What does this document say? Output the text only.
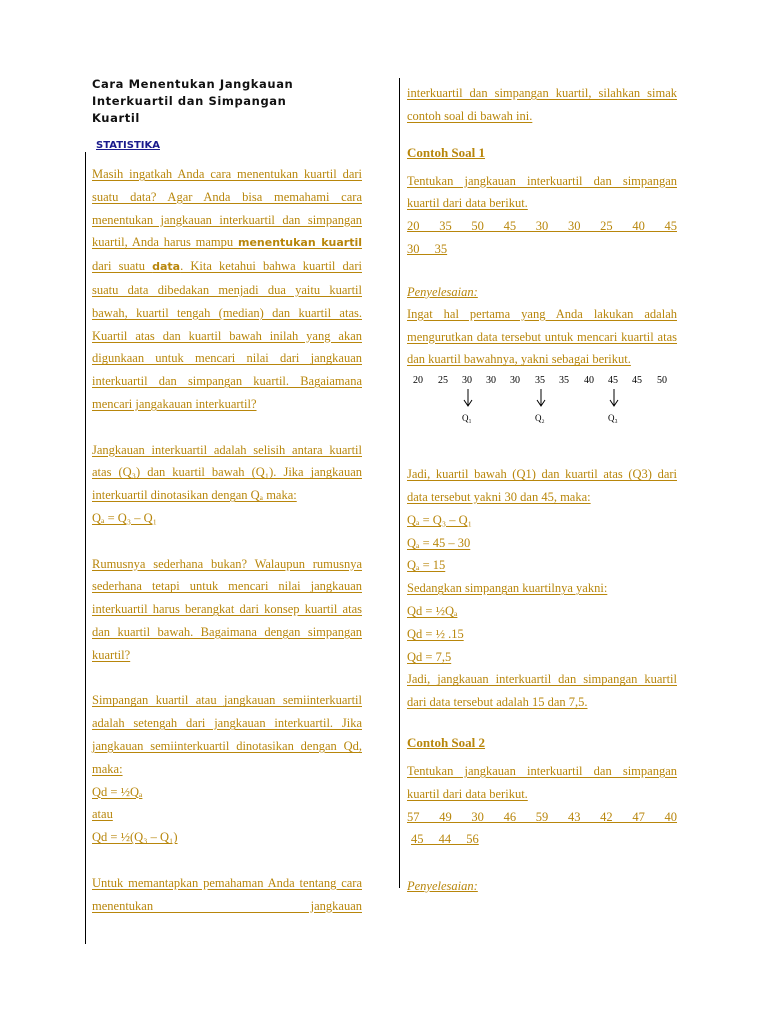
Cara Menentukan Jangkauan
Interkuartil dan Simpangan
Kuartil
STATISTIKA

Masih ingatkah Anda cara menentukan kuartil dari suatu data? Agar Anda bisa memahami cara menentukan jangkauan interkuartil dan simpangan kuartil, Anda harus mampu menentukan kuartil dari suatu data. Kita ketahui bahwa kuartil dari suatu data dibedakan menjadi dua yaitu kuartil bawah, kuartil tengah (median) dan kuartil atas. Kuartil atas dan kuartil bawah inilah yang akan digunkaan untuk mencari nilai dari jangkauan interkuartil dan simpangan kuartil. Bagaiamana mencari jangakauan interkuartil?

Jangkauan interkuartil adalah selisih antara kuartil atas (Q₃) dan kuartil bawah (Q₁). Jika jangkauan interkuartil dinotasikan dengan Qₐ maka:

Qₐ = Q₃ – Q₁

Rumusnya sederhana bukan? Walaupun rumusnya sederhana tetapi untuk mencari nilai jangkauan interkuartil harus berangkat dari konsep kuartil atas dan kuartil bawah. Bagaimana dengan simpangan kuartil?

Simpangan kuartil atau jangkauan semiinterkuartil adalah setengah dari jangkauan interkuartil. Jika jangkauan semiinterkuartil dinotasikan dengan Qd, maka:

Qd = ½Qₐ
atau
Qd = ½(Q₃ – Q₁)

Untuk memantapkan pemahaman Anda tentang cara menentukan jangkauan

interkuartil dan simpangan kuartil, silahkan simak contoh soal di bawah ini.

Contoh Soal 1

Tentukan jangkauan interkuartil dan simpangan kuartil dari data berikut.

20 35 50 45 30 30 25 40 45
30 35
Penyelesaian:

Ingat hal pertama yang Anda lakukan adalah mengurutkan data tersebut untuk mencari kuartil atas dan kuartil bawahnya, yakni sebagai berikut.

20 25 30 30 30 35 35 40 45 45 50
Q₁	Q₂	Q₃

Jadi, kuartil bawah (Q1) dan kuartil atas (Q3) dari data tersebut yakni 30 dan 45, maka:

Qₐ = Q₃ – Q₁
Qₐ = 45 – 30
Qₐ = 15
Sedangkan simpangan kuartilnya yakni:
Qd = ½Qₐ
Qd = ½ .15
Qd = 7,5

Jadi, jangkauan interkuartil dan simpangan kuartil dari data tersebut adalah 15 dan 7,5.

Contoh Soal 2

Tentukan jangkauan interkuartil dan simpangan kuartil dari data berikut.

57 49 30 46 59 43 42 47 40
45 44 56
Penyelesaian:
